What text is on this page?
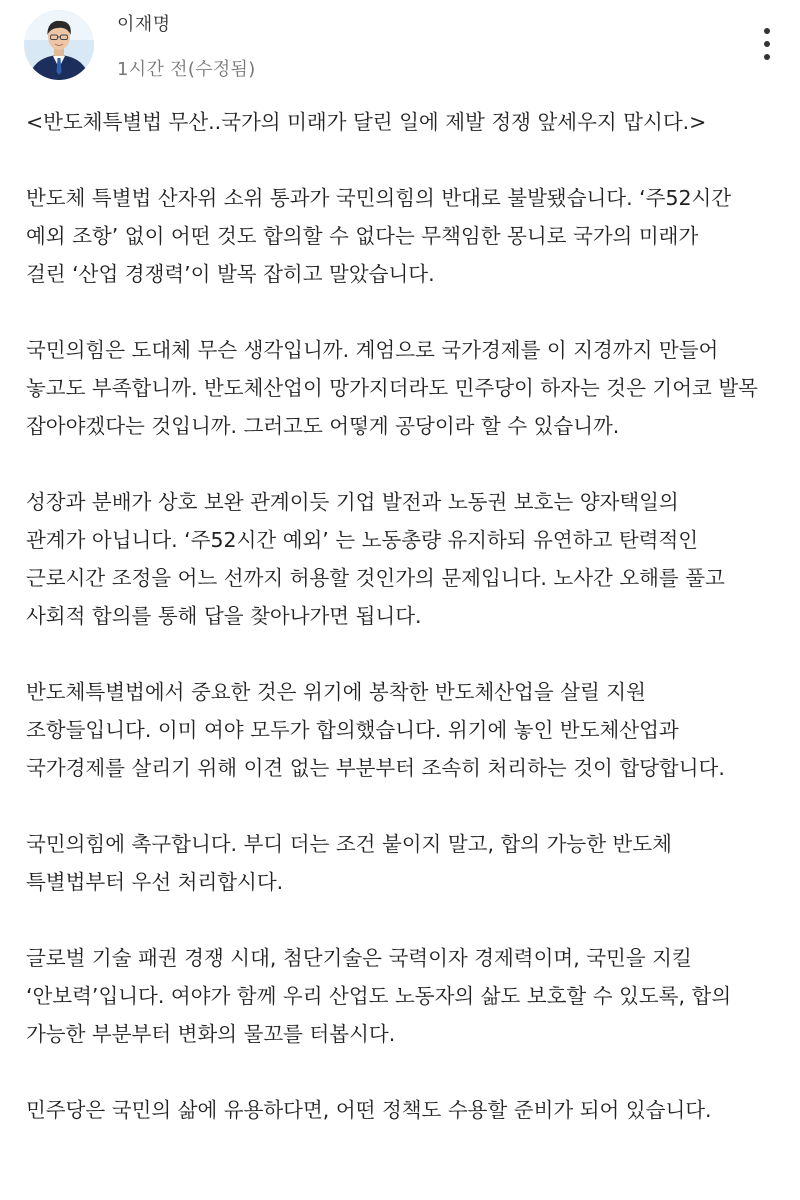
이재명
1시간 전(수정됨)
<반도체특별법 무산..국가의 미래가 달린 일에 제발 정쟁 앞세우지 맙시다.>
반도체 특별법 산자위 소위 통과가 국민의힘의 반대로 불발됐습니다. ‘주52시간
예외 조항’ 없이 어떤 것도 합의할 수 없다는 무책임한 몽니로 국가의 미래가
걸린 ‘산업 경쟁력’이 발목 잡히고 말았습니다.
국민의힘은 도대체 무슨 생각입니까. 계엄으로 국가경제를 이 지경까지 만들어
놓고도 부족합니까. 반도체산업이 망가지더라도 민주당이 하자는 것은 기어코 발목
잡아야겠다는 것입니까. 그러고도 어떻게 공당이라 할 수 있습니까.
성장과 분배가 상호 보완 관계이듯 기업 발전과 노동권 보호는 양자택일의
관계가 아닙니다. ‘주52시간 예외’ 는 노동총량 유지하되 유연하고 탄력적인
근로시간 조정을 어느 선까지 허용할 것인가의 문제입니다. 노사간 오해를 풀고
사회적 합의를 통해 답을 찾아나가면 됩니다.
반도체특별법에서 중요한 것은 위기에 봉착한 반도체산업을 살릴 지원
조항들입니다. 이미 여야 모두가 합의했습니다. 위기에 놓인 반도체산업과
국가경제를 살리기 위해 이견 없는 부분부터 조속히 처리하는 것이 합당합니다.
국민의힘에 촉구합니다. 부디 더는 조건 붙이지 말고, 합의 가능한 반도체
특별법부터 우선 처리합시다.
글로벌 기술 패권 경쟁 시대, 첨단기술은 국력이자 경제력이며, 국민을 지킬
‘안보력’입니다. 여야가 함께 우리 산업도 노동자의 삶도 보호할 수 있도록, 합의
가능한 부분부터 변화의 물꼬를 터봅시다.
민주당은 국민의 삶에 유용하다면, 어떤 정책도 수용할 준비가 되어 있습니다.
